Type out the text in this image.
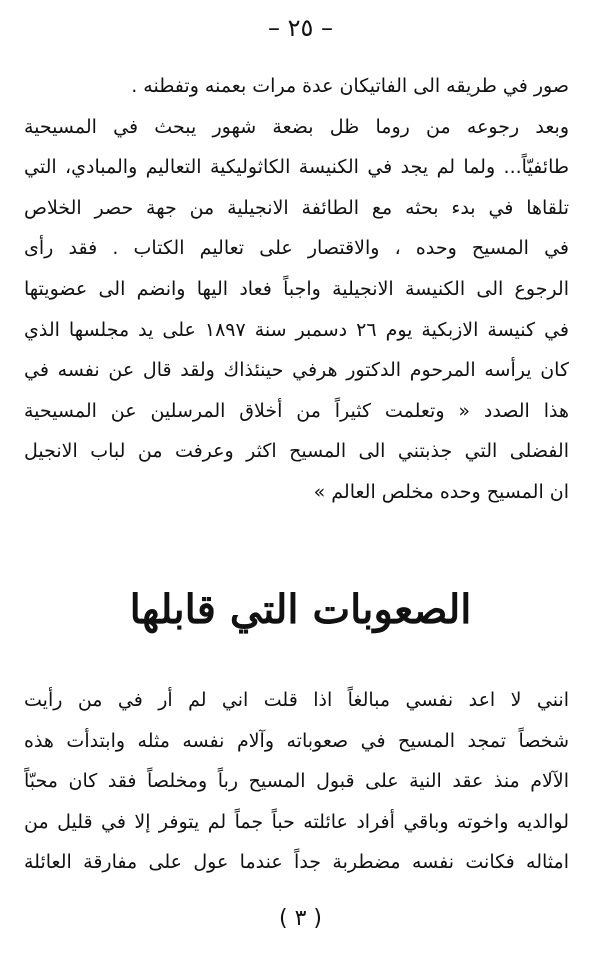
– ٢٥ –
صور في طريقه الى الفاتيكان عدة مرات بعمنه وتفطنه .
وبعد رجوعه من روما ظل بضعة شهور يبحث في المسيحية
طائفيّاً... ولما لم يجد في الكنيسة الكاثوليكية التعاليم والمبادي، التي
تلقاها في بدء بحثه مع الطائفة الانجيلية من جهة حصر الخلاص
في المسيح وحده ، والاقتصار على تعاليم الكتاب . فقد رأى
الرجوع الى الكنيسة الانجيلية واجباً فعاد اليها وانضم الى عضويتها
في كنيسة الازبكية يوم ٢٦ دسمبر سنة ١٨٩٧ على يد مجلسها الذي
كان يرأسه المرحوم الدكتور هرفي حينئذاك ولقد قال عن نفسه في
هذا الصدد « وتعلمت كثيراً من أخلاق المرسلين عن المسيحية
الفضلى التي جذبتني الى المسيح اكثر وعرفت من لباب الانجيل
ان المسيح وحده مخلص العالم »
الصعوبات التي قابلها
انني لا اعد نفسي مبالغاً اذا قلت اني لم أر في من رأيت
شخصاً تمجد المسيح في صعوباته وآلام نفسه مثله وابتدأت هذه
الآلام منذ عقد النية على قبول المسيح رباً ومخلصاً فقد كان محبّاً
لوالديه واخوته وباقي أفراد عائلته حباً جماً لم يتوفر إلا في قليل من
امثاله فكانت نفسه مضطربة جداً عندما عول على مفارقة العائلة
( ٣ )
